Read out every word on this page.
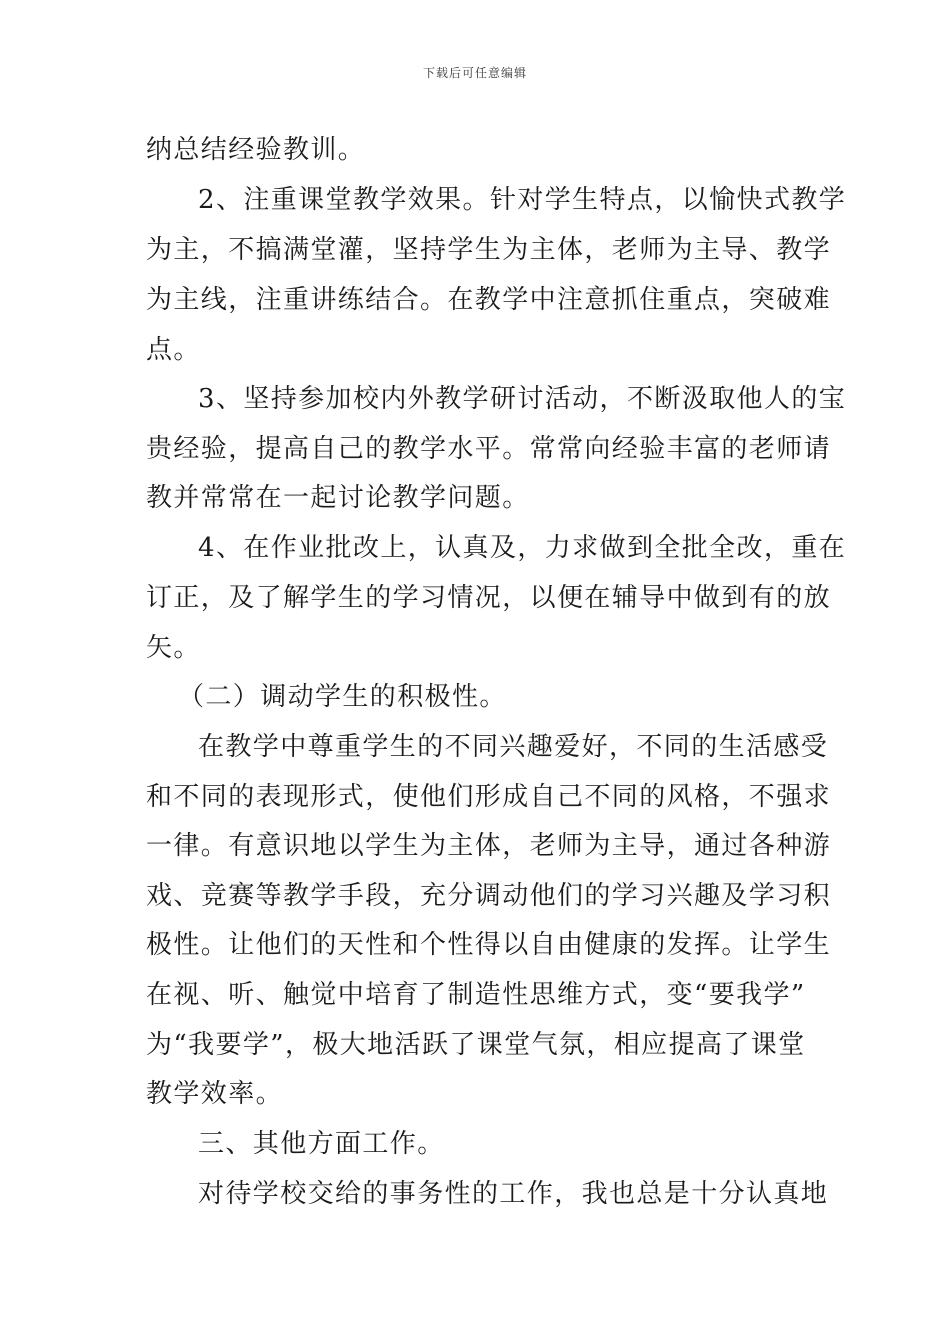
下载后可任意编辑
纳总结经验教训。
2、注重课堂教学效果。针对学生特点，以愉快式教学
为主，不搞满堂灌，坚持学生为主体，老师为主导、教学
为主线，注重讲练结合。在教学中注意抓住重点，突破难
点。
3、坚持参加校内外教学研讨活动，不断汲取他人的宝
贵经验，提高自己的教学水平。常常向经验丰富的老师请
教并常常在一起讨论教学问题。
4、在作业批改上，认真及，力求做到全批全改，重在
订正，及了解学生的学习情况，以便在辅导中做到有的放
矢。
（二）调动学生的积极性。
在教学中尊重学生的不同兴趣爱好，不同的生活感受
和不同的表现形式，使他们形成自己不同的风格，不强求
一律。有意识地以学生为主体，老师为主导，通过各种游
戏、竞赛等教学手段，充分调动他们的学习兴趣及学习积
极性。让他们的天性和个性得以自由健康的发挥。让学生
在视、听、触觉中培育了制造性思维方式，变“要我学”
为“我要学”，极大地活跃了课堂气氛，相应提高了课堂
教学效率。
三、其他方面工作。
对待学校交给的事务性的工作，我也总是十分认真地
